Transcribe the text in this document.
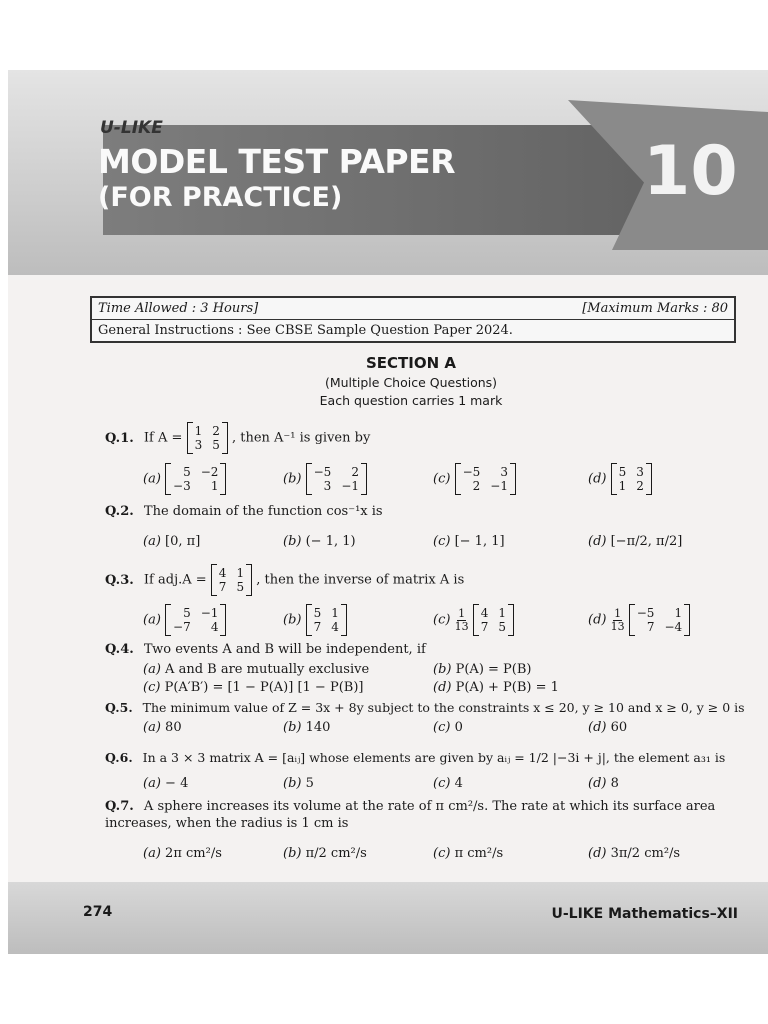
U-LIKE
MODEL TEST PAPER
(FOR PRACTICE)	10
Time Allowed : 3 Hours]	[Maximum Marks : 80
General Instructions : See CBSE Sample Question Paper 2024.
SECTION A
(Multiple Choice Questions)
Each question carries 1 mark
Q.1. If A = 1 2
3 5 , then A⁻¹ is given by
(a)	5 −2
−3	1	(b) −5	2
3 −1	(c) −5	3
2 −1	(d) 5 3
1 2
Q.2. The domain of the function cos⁻¹x is
(a) [0, π]	(b) (− 1, 1)	(c) [− 1, 1]	(d) [−π/2, π/2]
Q.3. If adj.A = 4 1
7 5 , then the inverse of matrix A is
(a)	5 −1
−7	4	(b) 5 1
7 4	$(c) \frac{1}{13}$
4 1
7 5	$(d) \frac{1}{13}$
−5	1
7 −4
Q.4. Two events A and B will be independent, if
(a) A and B are mutually exclusive	(b) P(A) = P(B)
(c) P(A′B′) = [1 − P(A)] [1 − P(B)]	(d) P(A) + P(B) = 1
Q.5. The minimum value of Z = 3x + 8y subject to the constraints x ≤ 20, y ≥ 10 and x ≥ 0, y ≥ 0 is
(a) 80	(b) 140	(c) 0	(d) 60
Q.6. In a 3 × 3 matrix A = [aᵢⱼ] whose elements are given by aᵢⱼ = 1/2 |−3i + j|, the element a₃₁ is
(a) − 4	(b) 5	(c) 4	(d) 8
Q.7. A sphere increases its volume at the rate of π cm²/s. The rate at which its surface area increases, when the radius is 1 cm is
(a) 2π cm²/s	(b) π/2 cm²/s	(c) π cm²/s	(d) 3π/2 cm²/s
274	U-LIKE Mathematics–XII
